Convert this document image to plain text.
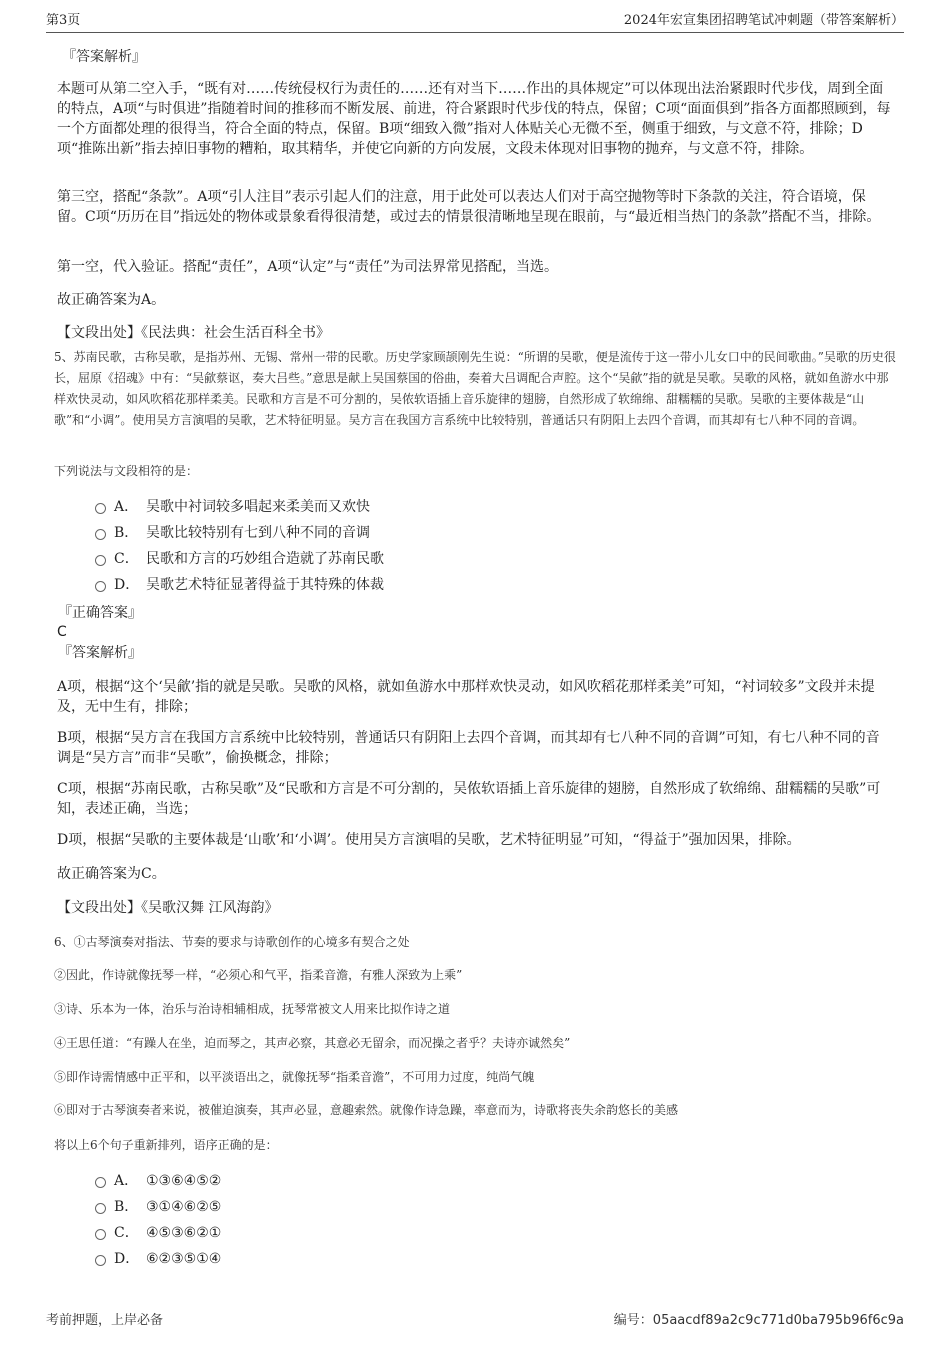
第3页	2024年宏宣集团招聘笔试冲刺题（带答案解析）
『答案解析』
本题可从第二空入手，“既有对……传统侵权行为责任的……还有对当下……作出的具体规定”可以体现出法治紧跟时代步伐，周到全面的特点，A项“与时俱进”指随着时间的推移而不断发展、前进，符合紧跟时代步伐的特点，保留；C项“面面俱到”指各方面都照顾到，每一个方面都处理的很得当，符合全面的特点，保留。B项“细致入微”指对人体贴关心无微不至，侧重于细致，与文意不符，排除；D项“推陈出新”指去掉旧事物的糟粕，取其精华，并使它向新的方向发展，文段未体现对旧事物的抛弃，与文意不符，排除。
第三空，搭配“条款”。A项“引人注目”表示引起人们的注意，用于此处可以表达人们对于高空抛物等时下条款的关注，符合语境，保留。C项“历历在目”指远处的物体或景象看得很清楚，或过去的情景很清晰地呈现在眼前，与“最近相当热门的条款”搭配不当，排除。
第一空，代入验证。搭配“责任”，A项“认定”与“责任”为司法界常见搭配，当选。
故正确答案为A。
【文段出处】《民法典：社会生活百科全书》
5、苏南民歌，古称吴歌，是指苏州、无锡、常州一带的民歌。历史学家顾颉刚先生说：“所谓的吴歌，便是流传于这一带小儿女口中的民间歌曲。”吴歌的历史很长，屈原《招魂》中有：“吴歈蔡讴，奏大吕些。”意思是献上吴国蔡国的俗曲，奏着大吕调配合声腔。这个“吴歈”指的就是吴歌。吴歌的风格，就如鱼游水中那样欢快灵动，如风吹稻花那样柔美。民歌和方言是不可分割的，吴侬软语插上音乐旋律的翅膀，自然形成了软绵绵、甜糯糯的吴歌。吴歌的主要体裁是“山歌”和“小调”。使用吴方言演唱的吴歌，艺术特征明显。吴方言在我国方言系统中比较特别，普通话只有阴阳上去四个音调，而其却有七八种不同的音调。
下列说法与文段相符的是：
A． 吴歌中衬词较多唱起来柔美而又欢快
B． 吴歌比较特别有七到八种不同的音调
C． 民歌和方言的巧妙组合造就了苏南民歌
D． 吴歌艺术特征显著得益于其特殊的体裁
『正确答案』
C
『答案解析』
A项，根据“这个‘吴歈’指的就是吴歌。吴歌的风格，就如鱼游水中那样欢快灵动，如风吹稻花那样柔美”可知，“衬词较多”文段并未提及，无中生有，排除；
B项，根据“吴方言在我国方言系统中比较特别，普通话只有阴阳上去四个音调，而其却有七八种不同的音调”可知，有七八种不同的音调是“吴方言”而非“吴歌”，偷换概念，排除；
C项，根据“苏南民歌，古称吴歌”及“民歌和方言是不可分割的，吴侬软语插上音乐旋律的翅膀，自然形成了软绵绵、甜糯糯的吴歌”可知，表述正确，当选；
D项，根据“吴歌的主要体裁是‘山歌’和‘小调’。使用吴方言演唱的吴歌，艺术特征明显”可知，“得益于”强加因果，排除。
故正确答案为C。
【文段出处】《吴歌汉舞 江风海韵》
6、①古琴演奏对指法、节奏的要求与诗歌创作的心境多有契合之处
②因此，作诗就像抚琴一样，“必须心和气平，指柔音澹，有雅人深致为上乘”
③诗、乐本为一体，治乐与治诗相辅相成，抚琴常被文人用来比拟作诗之道
④王思任道：“有躁人在坐，迫而琴之，其声必察，其意必无留余，而况操之者乎？夫诗亦诚然矣”
⑤即作诗需情感中正平和，以平淡语出之，就像抚琴“指柔音澹”，不可用力过度，纯尚气魄
⑥即对于古琴演奏者来说，被催迫演奏，其声必显，意趣索然。就像作诗急躁，率意而为，诗歌将丧失余韵悠长的美感
将以上6个句子重新排列，语序正确的是：
A． ①③⑥④⑤②
B． ③①④⑥②⑤
C． ④⑤③⑥②①
D． ⑥②③⑤①④
考前押题，上岸必备	编号：05aacdf89a2c9c771d0ba795b96f6c9a
